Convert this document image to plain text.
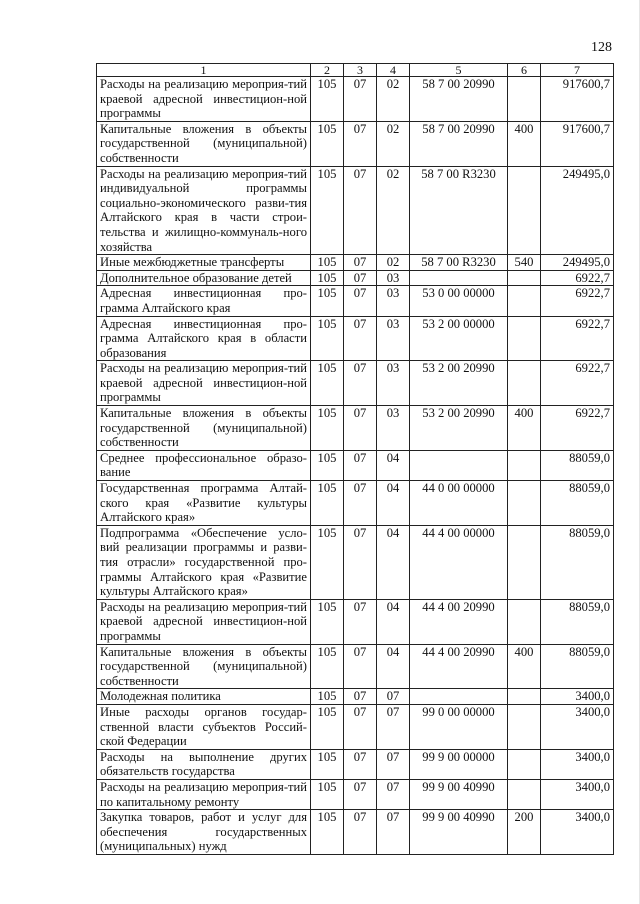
128
1	2	3	4	5	6	7
Расходы на реализацию мероприя-тий краевой адресной инвестицион-ной программы	105	07	02	58 7 00 20990		917600,7
Капитальные вложения в объекты государственной (муниципальной) собственности	105	07	02	58 7 00 20990	400	917600,7
Расходы на реализацию мероприя-тий индивидуальной программы социально-экономического разви-тия Алтайского края в части строи-тельства и жилищно-коммуналь-ного хозяйства	105	07	02	58 7 00 R3230		249495,0
Иные межбюджетные трансферты	105	07	02	58 7 00 R3230	540	249495,0
Дополнительное образование детей	105	07	03			6922,7
Адресная инвестиционная про-грамма Алтайского края	105	07	03	53 0 00 00000		6922,7
Адресная инвестиционная про-грамма Алтайского края в области образования	105	07	03	53 2 00 00000		6922,7
Расходы на реализацию мероприя-тий краевой адресной инвестицион-ной программы	105	07	03	53 2 00 20990		6922,7
Капитальные вложения в объекты государственной (муниципальной) собственности	105	07	03	53 2 00 20990	400	6922,7
Среднее профессиональное образо-вание	105	07	04			88059,0
Государственная программа Алтай-ского края «Развитие культуры Алтайского края»	105	07	04	44 0 00 00000		88059,0
Подпрограмма «Обеспечение усло-вий реализации программы и разви-тия отрасли» государственной про-граммы Алтайского края «Развитие культуры Алтайского края»	105	07	04	44 4 00 00000		88059,0
Расходы на реализацию мероприя-тий краевой адресной инвестицион-ной программы	105	07	04	44 4 00 20990		88059,0
Капитальные вложения в объекты государственной (муниципальной) собственности	105	07	04	44 4 00 20990	400	88059,0
Молодежная политика	105	07	07			3400,0
Иные расходы органов государ-ственной власти субъектов Россий-ской Федерации	105	07	07	99 0 00 00000		3400,0
Расходы на выполнение других обязательств государства	105	07	07	99 9 00 00000		3400,0
Расходы на реализацию мероприя-тий по капитальному ремонту	105	07	07	99 9 00 40990		3400,0
Закупка товаров, работ и услуг для обеспечения государственных (муниципальных) нужд	105	07	07	99 9 00 40990	200	3400,0
